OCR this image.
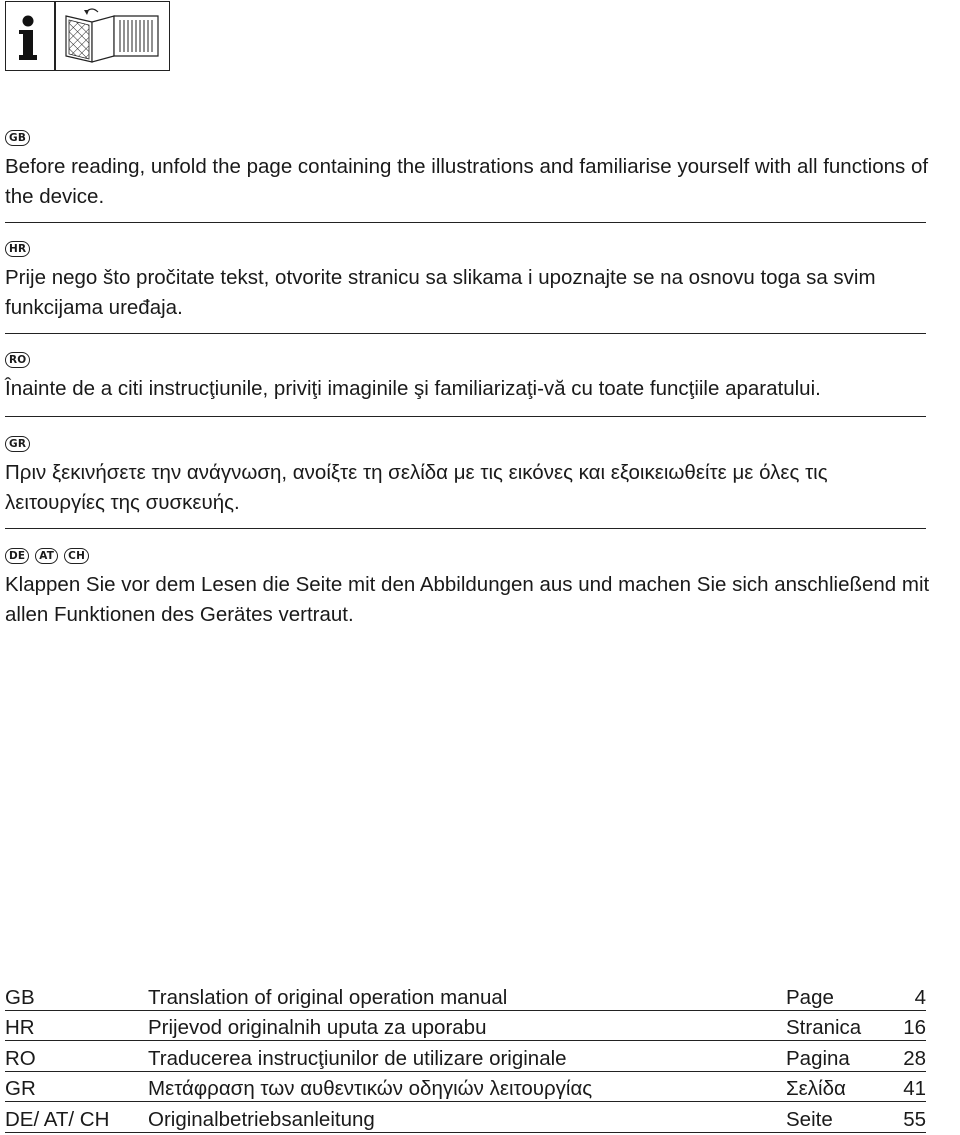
GB

Before reading, unfold the page containing the illustrations and familiarise yourself with all functions of the device.

HR

Prije nego što pročitate tekst, otvorite stranicu sa slikama i upoznajte se na osnovu toga sa svim funkcijama uređaja.

RO

Înainte de a citi instrucţiunile, priviţi imaginile şi familiarizaţi-vă cu toate funcţiile aparatului.

GR

Πριν ξεκινήσετε την ανάγνωση, ανοίξτε τη σελίδα με τις εικόνες και εξοικειωθείτε με όλες τις λειτουργίες της συσκευής.

DE	AT	CH

Klappen Sie vor dem Lesen die Seite mit den Abbildungen aus und machen Sie sich anschließend mit allen Funktionen des Gerätes vertraut.

GB	Translation of original operation manual	Page	4
HR	Prijevod originalnih uputa za uporabu	Stranica	16
RO	Traducerea instrucţiunilor de utilizare originale	Pagina	28
GR	Μετάφραση των αυθεντικών οδηγιών λειτουργίας	Σελίδα	41
DE/ AT/ CH	Originalbetriebsanleitung	Seite	55
